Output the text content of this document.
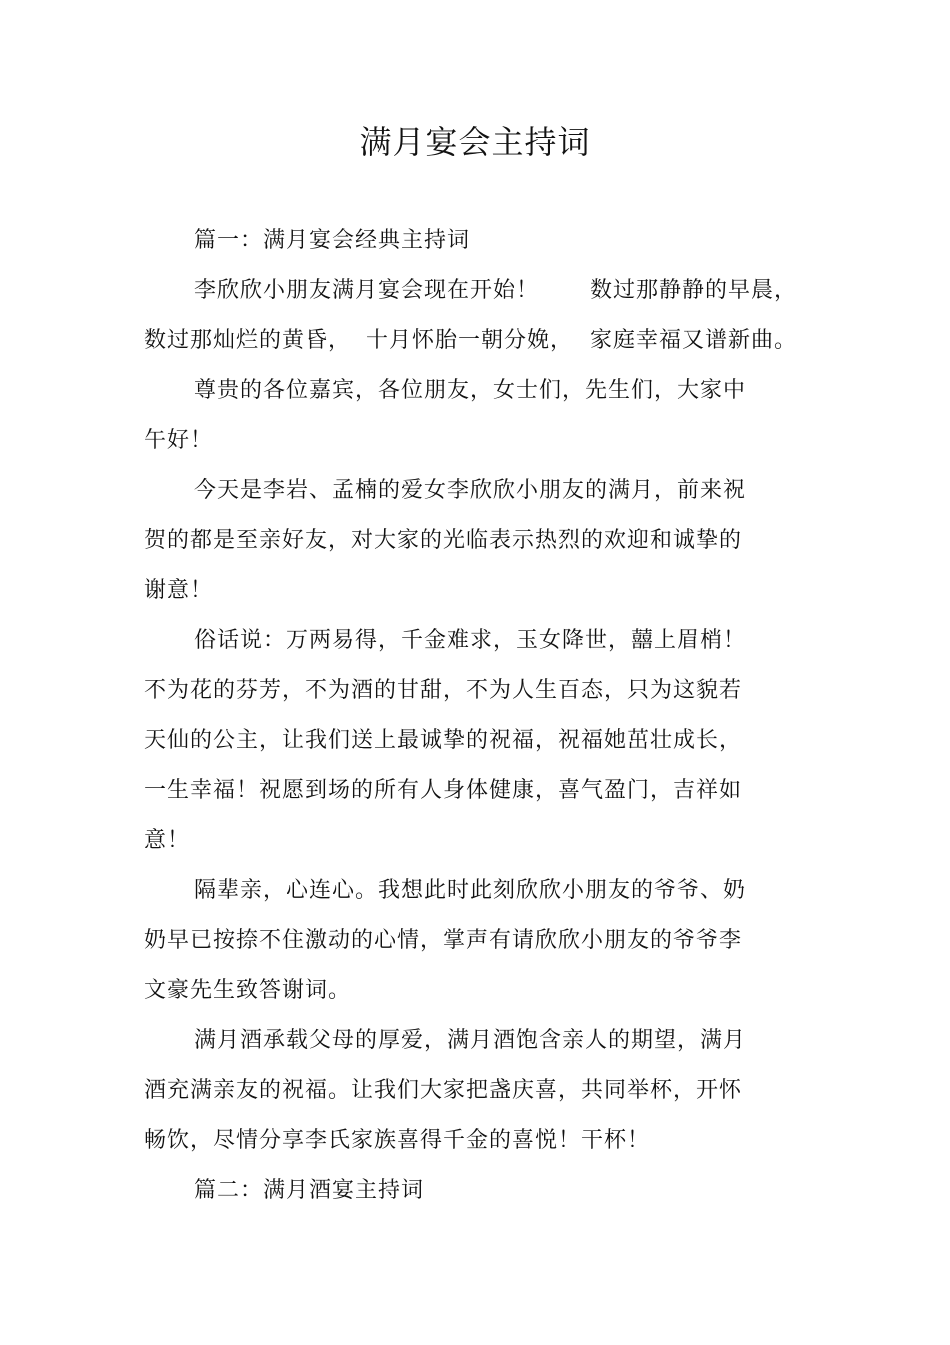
满月宴会主持词
篇一：满月宴会经典主持词
李欣欣小朋友满月宴会现在开始！ 数过那静静的早晨，
数过那灿烂的黄昏， 十月怀胎一朝分娩， 家庭幸福又谱新曲。
尊贵的各位嘉宾，各位朋友，女士们，先生们，大家中
午好！
今天是李岩、孟楠的爱女李欣欣小朋友的满月，前来祝
贺的都是至亲好友，对大家的光临表示热烈的欢迎和诚挚的
谢意！
俗话说：万两易得，千金难求，玉女降世，囍上眉梢！
不为花的芬芳，不为酒的甘甜，不为人生百态，只为这貌若
天仙的公主，让我们送上最诚挚的祝福，祝福她茁壮成长，
一生幸福！祝愿到场的所有人身体健康，喜气盈门，吉祥如
意！
隔辈亲，心连心。我想此时此刻欣欣小朋友的爷爷、奶
奶早已按捺不住激动的心情，掌声有请欣欣小朋友的爷爷李
文豪先生致答谢词。
满月酒承载父母的厚爱，满月酒饱含亲人的期望，满月
酒充满亲友的祝福。让我们大家把盏庆喜，共同举杯，开怀
畅饮，尽情分享李氏家族喜得千金的喜悦！干杯！
篇二：满月酒宴主持词
